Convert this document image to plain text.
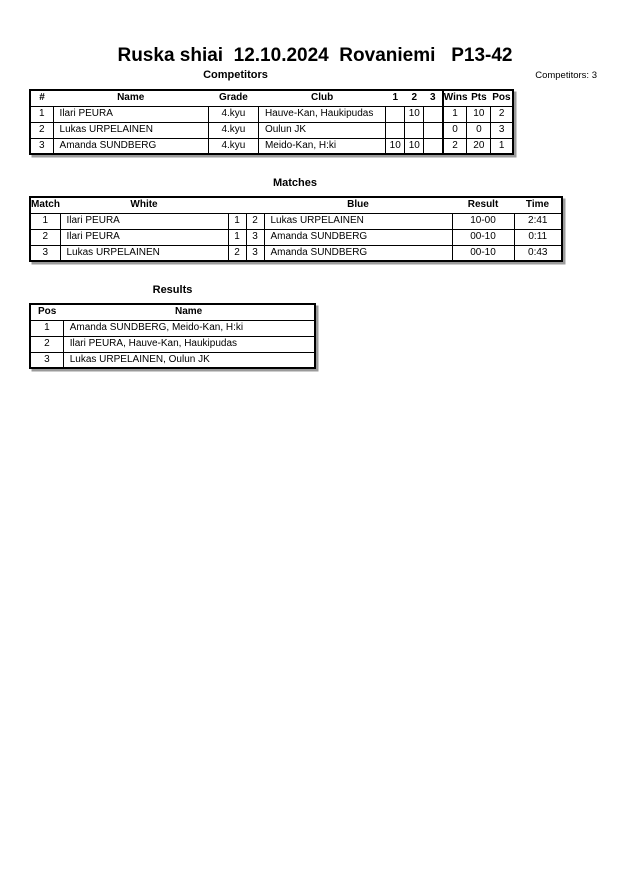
Ruska shiai  12.10.2024  Rovaniemi   P13-42
Competitors	Competitors: 3
#	Name	Grade	Club	1	2	3	Wins	Pts	Pos
1	Ilari PEURA	4.kyu	Hauve-Kan, Haukipudas		10		1	10	2
2	Lukas URPELAINEN	4.kyu	Oulun JK				0	0	3
3	Amanda SUNDBERG	4.kyu	Meido-Kan, H:ki	10	10		2	20	1
Matches
Match	White			Blue	Result	Time
1	Ilari PEURA	1	2	Lukas URPELAINEN	10-00	2:41
2	Ilari PEURA	1	3	Amanda SUNDBERG	00-10	0:11
3	Lukas URPELAINEN	2	3	Amanda SUNDBERG	00-10	0:43
Results
Pos	Name
1	Amanda SUNDBERG, Meido-Kan, H:ki
2	Ilari PEURA, Hauve-Kan, Haukipudas
3	Lukas URPELAINEN, Oulun JK
